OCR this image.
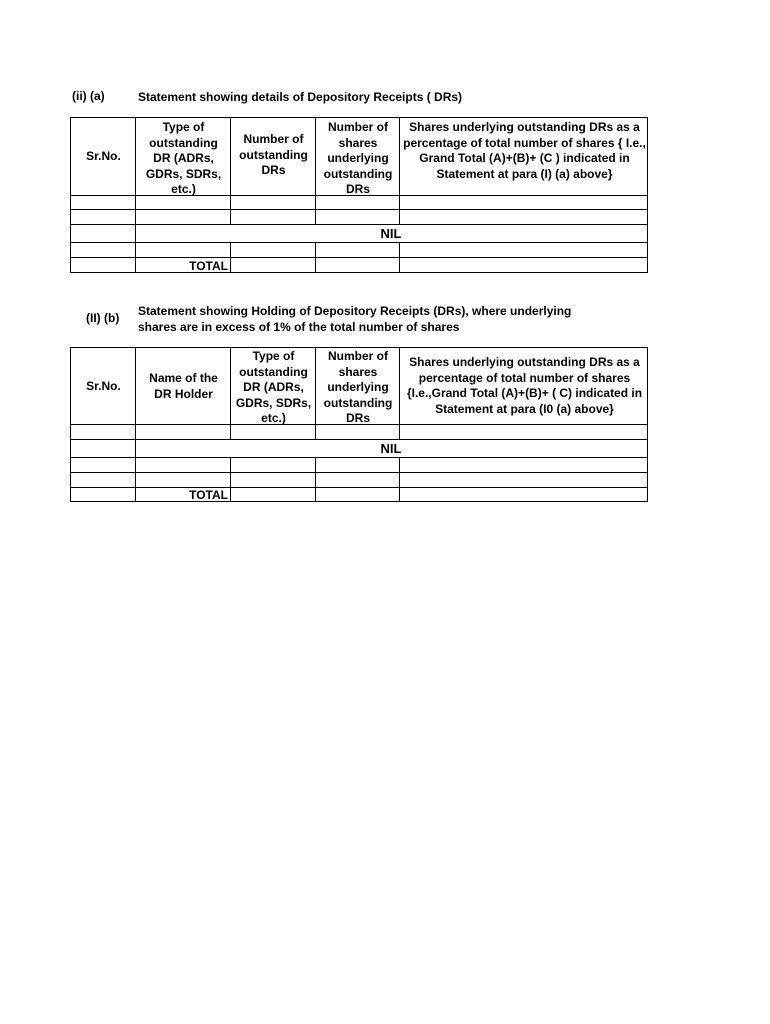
(ii) (a)	Statement showing details of Depository Receipts ( DRs)
Sr.No.
Type of outstanding DR (ADRs, GDRs, SDRs, etc.)
Number of outstanding DRs
Number of shares underlying outstanding DRs
Shares underlying outstanding DRs as a percentage of total number of shares { I.e., Grand Total (A)+(B)+ (C ) indicated in Statement at para (I) (a) above}
NIL
TOTAL
(II) (b) Statement showing Holding of Depository Receipts (DRs), where underlying
shares are in excess of 1% of the total number of shares
Sr.No.
Name of the DR Holder
Type of outstanding DR (ADRs, GDRs, SDRs, etc.)
Number of shares underlying outstanding DRs
Shares underlying outstanding DRs as a percentage of total number of shares {I.e.,Grand Total (A)+(B)+ ( C) indicated in Statement at para (I0 (a) above}
NIL
TOTAL
